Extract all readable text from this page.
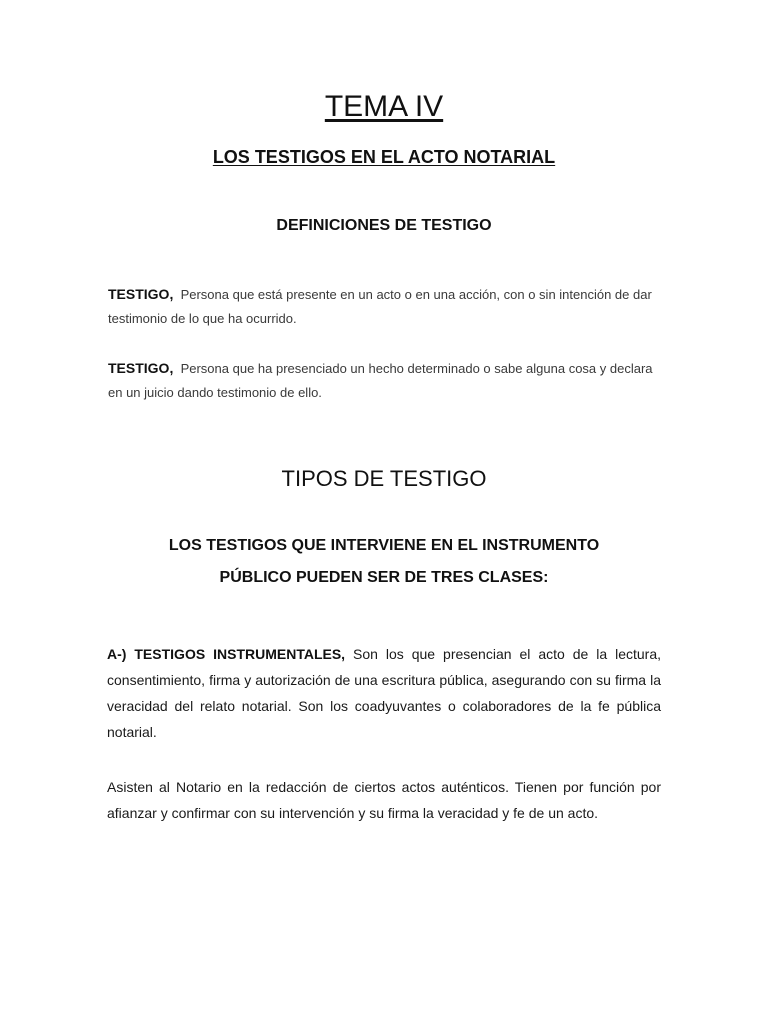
TEMA IV
LOS TESTIGOS EN EL ACTO NOTARIAL
DEFINICIONES DE TESTIGO

TESTIGO, Persona que está presente en un acto o en una acción, con o sin intención de dar testimonio de lo que ha ocurrido.

TESTIGO, Persona que ha presenciado un hecho determinado o sabe alguna cosa y declara en un juicio dando testimonio de ello.

TIPOS DE TESTIGO
LOS TESTIGOS QUE INTERVIENE EN EL INSTRUMENTO
PÚBLICO PUEDEN SER DE TRES CLASES:

A-) TESTIGOS INSTRUMENTALES, Son los que presencian el acto de la lectura, consentimiento, firma y autorización de una escritura pública, asegurando con su firma la veracidad del relato notarial. Son los coadyuvantes o colaboradores de la fe pública notarial.

Asisten al Notario en la redacción de ciertos actos auténticos. Tienen por función por afianzar y confirmar con su intervención y su firma la veracidad y fe de un acto.
